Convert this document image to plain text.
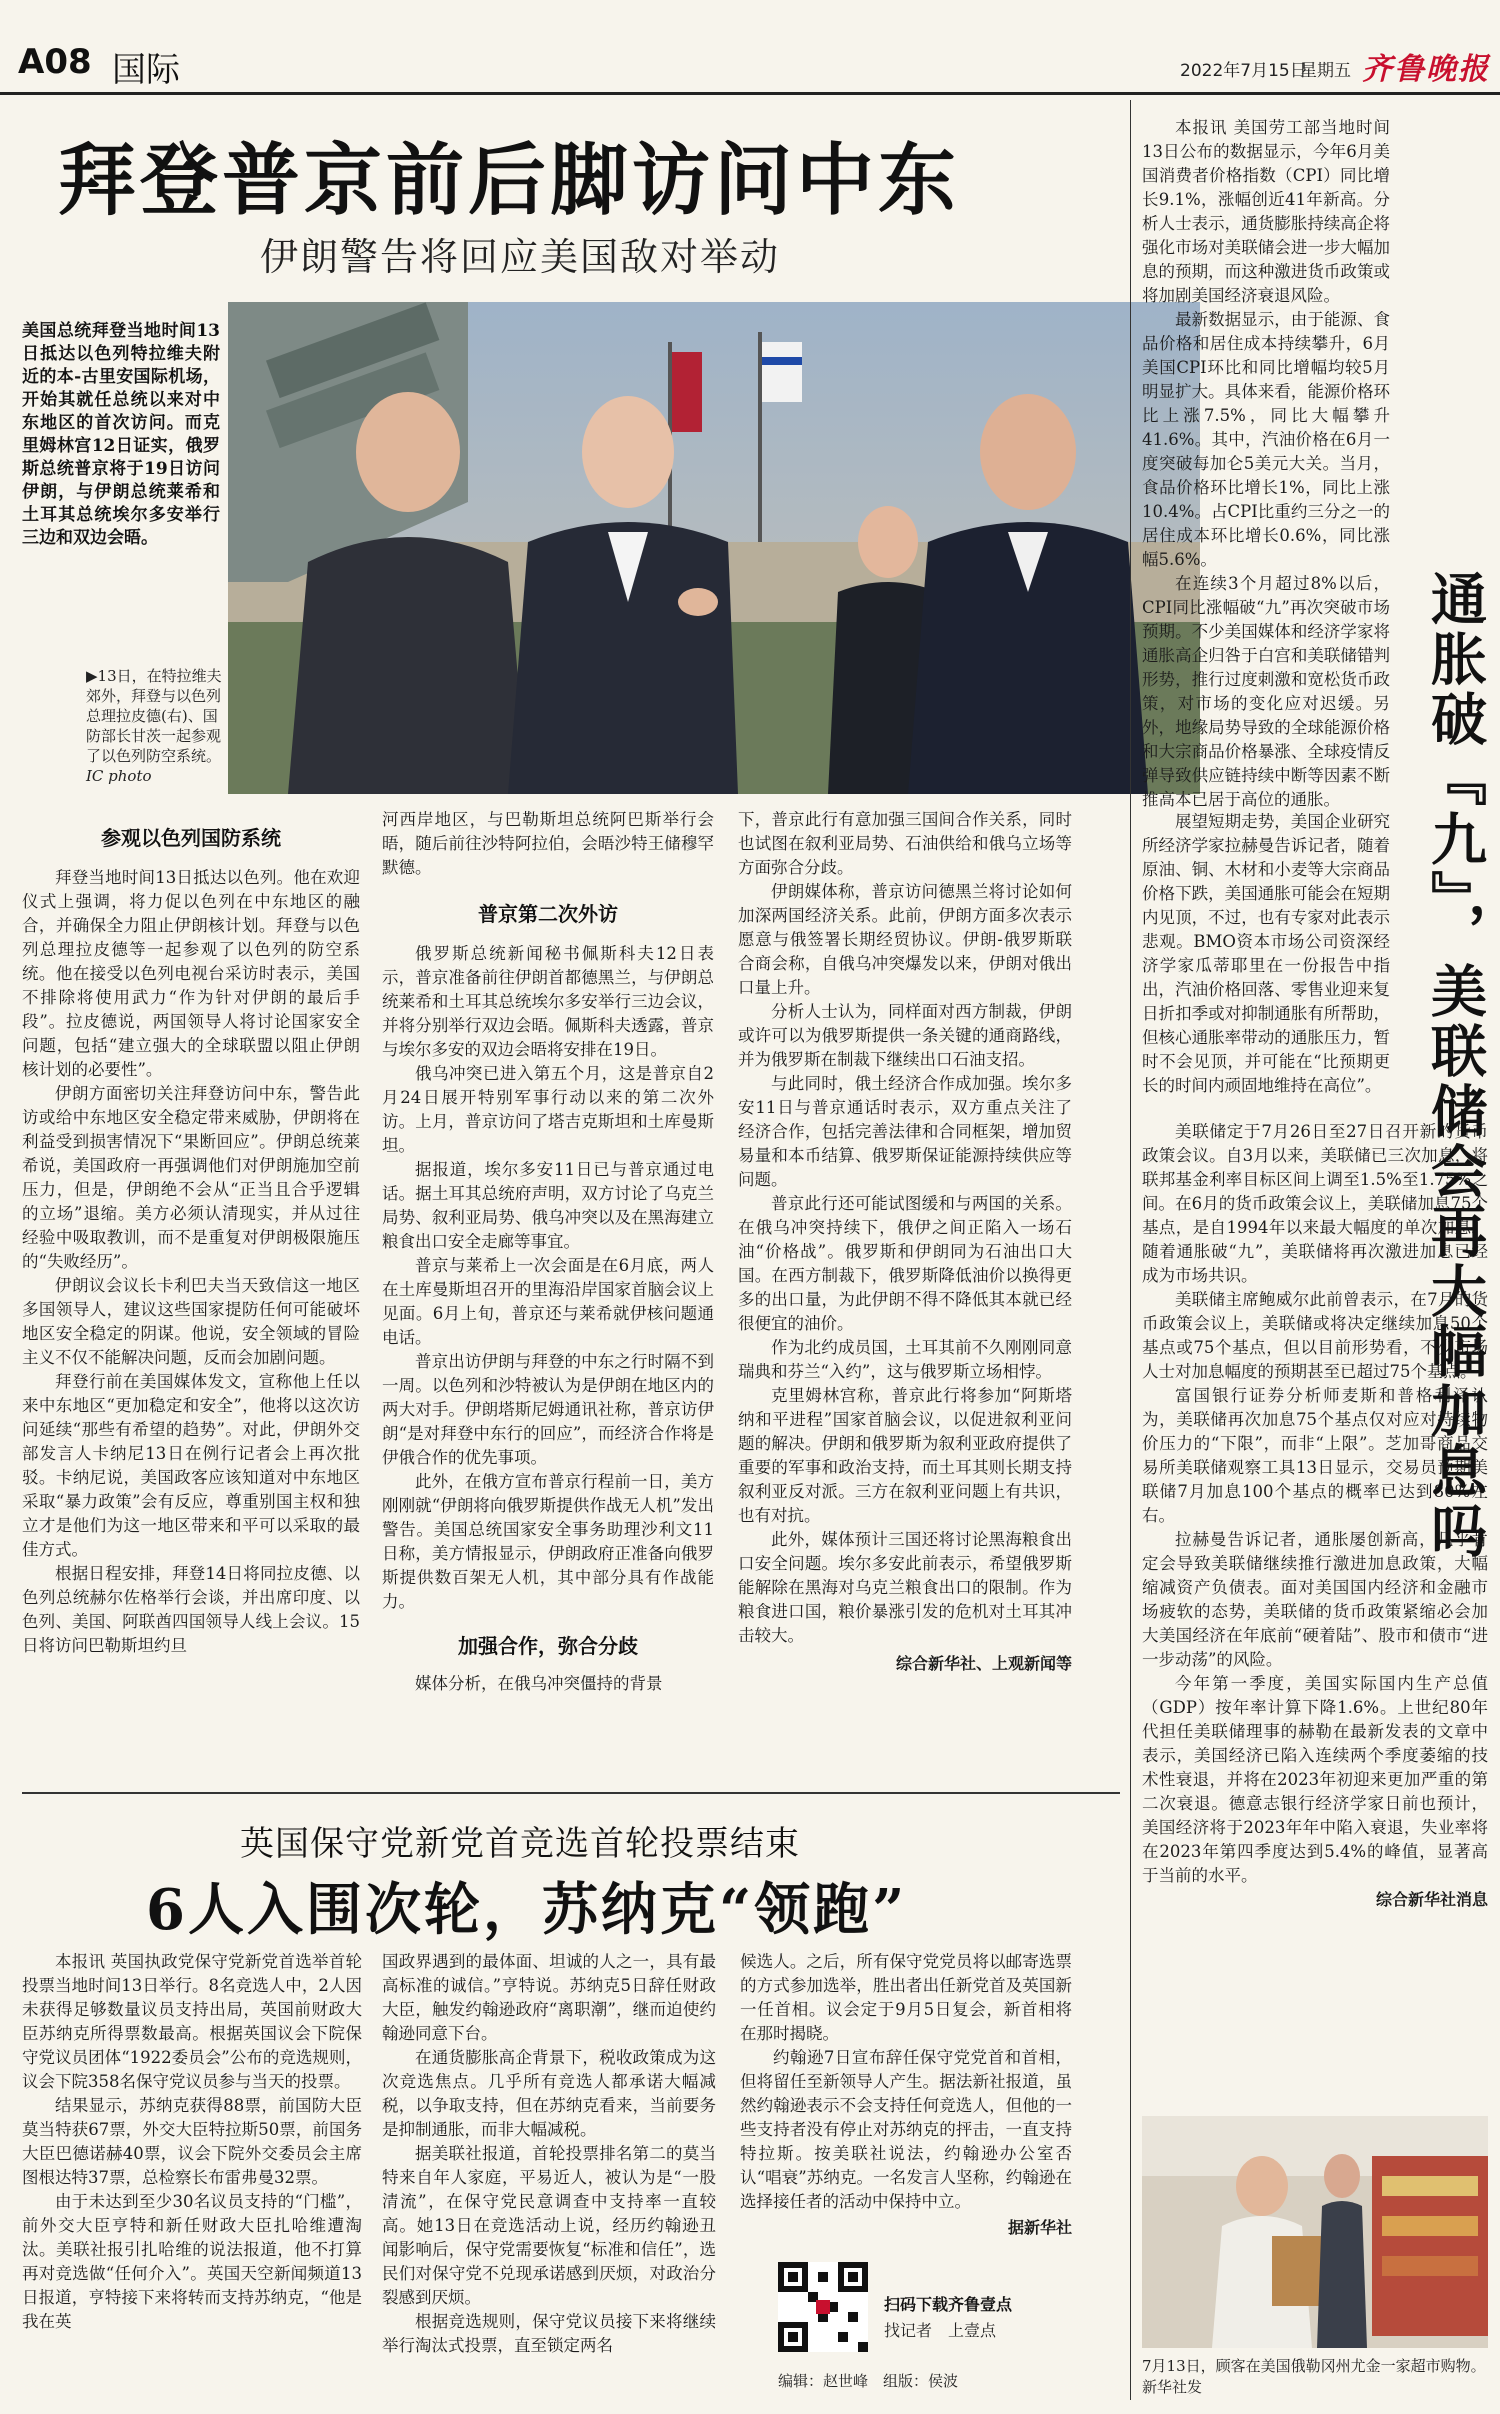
A08 国际	2022年7月15日
星期五 齐鲁晚报
拜登普京前后脚访问中东
伊朗警告将回应美国敌对举动
美国总统拜登当地时间13日抵达以色列特拉维夫附近的本-古里安国际机场，开始其就任总统以来对中东地区的首次访问。而克里姆林宫12日证实，俄罗斯总统普京将于19日访问伊朗，与伊朗总统莱希和土耳其总统埃尔多安举行三边和双边会晤。
▶13日，在特拉维夫郊外，拜登与以色列总理拉皮德(右)、国防部长甘茨一起参观了以色列防空系统。 IC photo
参观以色列国防系统

拜登当地时间13日抵达以色列。他在欢迎仪式上强调，将力促以色列在中东地区的融合，并确保全力阻止伊朗核计划。拜登与以色列总理拉皮德等一起参观了以色列的防空系统。他在接受以色列电视台采访时表示，美国不排除将使用武力“作为针对伊朗的最后手段”。拉皮德说，两国领导人将讨论国家安全问题，包括“建立强大的全球联盟以阻止伊朗核计划的必要性”。

伊朗方面密切关注拜登访问中东，警告此访或给中东地区安全稳定带来威胁，伊朗将在利益受到损害情况下“果断回应”。伊朗总统莱希说，美国政府一再强调他们对伊朗施加空前压力，但是，伊朗绝不会从“正当且合乎逻辑的立场”退缩。美方必须认清现实，并从过往经验中吸取教训，而不是重复对伊朗极限施压的“失败经历”。

伊朗议会议长卡利巴夫当天致信这一地区多国领导人，建议这些国家提防任何可能破坏地区安全稳定的阴谋。他说，安全领域的冒险主义不仅不能解决问题，反而会加剧问题。

拜登行前在美国媒体发文，宣称他上任以来中东地区“更加稳定和安全”，他将以这次访问延续“那些有希望的趋势”。对此，伊朗外交部发言人卡纳尼13日在例行记者会上再次批驳。卡纳尼说，美国政客应该知道对中东地区采取“暴力政策”会有反应，尊重别国主权和独立才是他们为这一地区带来和平可以采取的最佳方式。

根据日程安排，拜登14日将同拉皮德、以色列总统赫尔佐格举行会谈，并出席印度、以色列、美国、阿联酋四国领导人线上会议。15日将访问巴勒斯坦约旦

河西岸地区，与巴勒斯坦总统阿巴斯举行会晤，随后前往沙特阿拉伯，会晤沙特王储穆罕默德。

普京第二次外访

俄罗斯总统新闻秘书佩斯科夫12日表示，普京准备前往伊朗首都德黑兰，与伊朗总统莱希和土耳其总统埃尔多安举行三边会议，并将分别举行双边会晤。佩斯科夫透露，普京与埃尔多安的双边会晤将安排在19日。

俄乌冲突已进入第五个月，这是普京自2月24日展开特别军事行动以来的第二次外访。上月，普京访问了塔吉克斯坦和土库曼斯坦。

据报道，埃尔多安11日已与普京通过电话。据土耳其总统府声明，双方讨论了乌克兰局势、叙利亚局势、俄乌冲突以及在黑海建立粮食出口安全走廊等事宜。

普京与莱希上一次会面是在6月底，两人在土库曼斯坦召开的里海沿岸国家首脑会议上见面。6月上旬，普京还与莱希就伊核问题通电话。

普京出访伊朗与拜登的中东之行时隔不到一周。以色列和沙特被认为是伊朗在地区内的两大对手。伊朗塔斯尼姆通讯社称，普京访伊朗“是对拜登中东行的回应”，而经济合作将是伊俄合作的优先事项。

此外，在俄方宣布普京行程前一日，美方刚刚就“伊朗将向俄罗斯提供作战无人机”发出警告。美国总统国家安全事务助理沙利文11日称，美方情报显示，伊朗政府正准备向俄罗斯提供数百架无人机，其中部分具有作战能力。

加强合作，弥合分歧

媒体分析，在俄乌冲突僵持的背景

下，普京此行有意加强三国间合作关系，同时也试图在叙利亚局势、石油供给和俄乌立场等方面弥合分歧。

伊朗媒体称，普京访问德黑兰将讨论如何加深两国经济关系。此前，伊朗方面多次表示愿意与俄签署长期经贸协议。伊朗-俄罗斯联合商会称，自俄乌冲突爆发以来，伊朗对俄出口量上升。

分析人士认为，同样面对西方制裁，伊朗或许可以为俄罗斯提供一条关键的通商路线，并为俄罗斯在制裁下继续出口石油支招。

与此同时，俄土经济合作成加强。埃尔多安11日与普京通话时表示，双方重点关注了经济合作，包括完善法律和合同框架，增加贸易量和本币结算、俄罗斯保证能源持续供应等问题。

普京此行还可能试图缓和与两国的关系。在俄乌冲突持续下，俄伊之间正陷入一场石油“价格战”。俄罗斯和伊朗同为石油出口大国。在西方制裁下，俄罗斯降低油价以换得更多的出口量，为此伊朗不得不降低其本就已经很便宜的油价。

作为北约成员国，土耳其前不久刚刚同意瑞典和芬兰“入约”，这与俄罗斯立场相悖。

克里姆林宫称，普京此行将参加“阿斯塔纳和平进程”国家首脑会议，以促进叙利亚问题的解决。伊朗和俄罗斯为叙利亚政府提供了重要的军事和政治支持，而土耳其则长期支持叙利亚反对派。三方在叙利亚问题上有共识，也有对抗。

此外，媒体预计三国还将讨论黑海粮食出口安全问题。埃尔多安此前表示，希望俄罗斯能解除在黑海对乌克兰粮食出口的限制。作为粮食进口国，粮价暴涨引发的危机对土耳其冲击较大。

综合新华社、上观新闻等
英国保守党新党首竞选首轮投票结束
6人入围次轮，苏纳克“领跑”

本报讯 英国执政党保守党新党首选举首轮投票当地时间13日举行。8名竞选人中，2人因未获得足够数量议员支持出局，英国前财政大臣苏纳克所得票数最高。根据英国议会下院保守党议员团体“1922委员会”公布的竞选规则，议会下院358名保守党议员参与当天的投票。

结果显示，苏纳克获得88票，前国防大臣莫当特获67票，外交大臣特拉斯50票，前国务大臣巴德诺赫40票，议会下院外交委员会主席图根达特37票，总检察长布雷弗曼32票。

由于未达到至少30名议员支持的“门槛”，前外交大臣亨特和新任财政大臣扎哈维遭淘汰。美联社报引扎哈维的说法报道，他不打算再对竞选做“任何介入”。英国天空新闻频道13日报道，亨特接下来将转而支持苏纳克，“他是我在英

国政界遇到的最体面、坦诚的人之一，具有最高标准的诚信。”亨特说。苏纳克5日辞任财政大臣，触发约翰逊政府“离职潮”，继而迫使约翰逊同意下台。

在通货膨胀高企背景下，税收政策成为这次竞选焦点。几乎所有竞选人都承诺大幅减税，以争取支持，但在苏纳克看来，当前要务是抑制通胀，而非大幅减税。

据美联社报道，首轮投票排名第二的莫当特来自年人家庭，平易近人，被认为是“一股清流”，在保守党民意调查中支持率一直较高。她13日在竞选活动上说，经历约翰逊丑闻影响后，保守党需要恢复“标准和信任”，选民们对保守党不兑现承诺感到厌烦，对政治分裂感到厌烦。

根据竞选规则，保守党议员接下来将继续举行淘汰式投票，直至锁定两名

候选人。之后，所有保守党党员将以邮寄选票的方式参加选举，胜出者出任新党首及英国新一任首相。议会定于9月5日复会，新首相将在那时揭晓。

约翰逊7日宣布辞任保守党党首和首相，但将留任至新领导人产生。据法新社报道，虽然约翰逊表示不会支持任何竞选人，但他的一些支持者没有停止对苏纳克的抨击，一直支持特拉斯。按美联社说法，约翰逊办公室否认“唱衰”苏纳克。一名发言人坚称，约翰逊在选择接任者的活动中保持中立。

据新华社
扫码下载齐鲁壹点
找记者　上壹点
编辑：赵世峰　组版：侯波

本报讯 美国劳工部当地时间13日公布的数据显示，今年6月美国消费者价格指数（CPI）同比增长9.1%，涨幅创近41年新高。分析人士表示，通货膨胀持续高企将强化市场对美联储会进一步大幅加息的预期，而这种激进货币政策或将加剧美国经济衰退风险。

最新数据显示，由于能源、食品价格和居住成本持续攀升，6月美国CPI环比和同比增幅均较5月明显扩大。具体来看，能源价格环比上涨7.5%，同比大幅攀升41.6%。其中，汽油价格在6月一度突破每加仑5美元大关。当月，食品价格环比增长1%，同比上涨10.4%。占CPI比重约三分之一的居住成本环比增长0.6%，同比涨幅5.6%。

在连续3个月超过8%以后，CPI同比涨幅破“九”再次突破市场预期。不少美国媒体和经济学家将通胀高企归咎于白宫和美联储错判形势，推行过度刺激和宽松货币政策，对市场的变化应对迟缓。另外，地缘局势导致的全球能源价格和大宗商品价格暴涨、全球疫情反弹导致供应链持续中断等因素不断推高本已居于高位的通胀。

展望短期走势，美国企业研究所经济学家拉赫曼告诉记者，随着原油、铜、木材和小麦等大宗商品价格下跌，美国通胀可能会在短期内见顶，不过，也有专家对此表示悲观。BMO资本市场公司资深经济学家瓜蒂耶里在一份报告中指出，汽油价格回落、零售业迎来复日折扣季或对抑制通胀有所帮助，但核心通胀率带动的通胀压力，暂时不会见顶，并可能在“比预期更长的时间内顽固地维持在高位”。

美联储定于7月26日至27日召开新的货币政策会议。自3月以来，美联储已三次加息，将联邦基金利率目标区间上调至1.5%至1.75%之间。在6月的货币政策会议上，美联储加息75个基点，是自1994年以来最大幅度的单次加息。随着通胀破“九”，美联储将再次激进加息已经成为市场共识。

美联储主席鲍威尔此前曾表示，在7月的货币政策会议上，美联储或将决定继续加息50个基点或75个基点，但以目前形势看，不少市场人士对加息幅度的预期甚至已超过75个基点。

富国银行证券分析师麦斯和普格利泽认为，美联储再次加息75个基点仅对应对持续物价压力的“下限”，而非“上限”。芝加哥商品交易所美联储观察工具13日显示，交易员预期美联储7月加息100个基点的概率已达到80%左右。

拉赫曼告诉记者，通胀屡创新高，几乎肯定会导致美联储继续推行激进加息政策，大幅缩减资产负债表。面对美国国内经济和金融市场疲软的态势，美联储的货币政策紧缩必会加大美国经济在年底前“硬着陆”、股市和债市“进一步动荡”的风险。

今年第一季度，美国实际国内生产总值（GDP）按年率计算下降1.6%。上世纪80年代担任美联储理事的赫勒在最新发表的文章中表示，美国经济已陷入连续两个季度萎缩的技术性衰退，并将在2023年初迎来更加严重的第二次衰退。德意志银行经济学家日前也预计，美国经济将于2023年年中陷入衰退，失业率将在2023年第四季度达到5.4%的峰值，显著高于当前的水平。

综合新华社消息
通胀破『九』，美联储会再大幅加息吗
7月13日，顾客在美国俄勒冈州尤金一家超市购物。　新华社发
